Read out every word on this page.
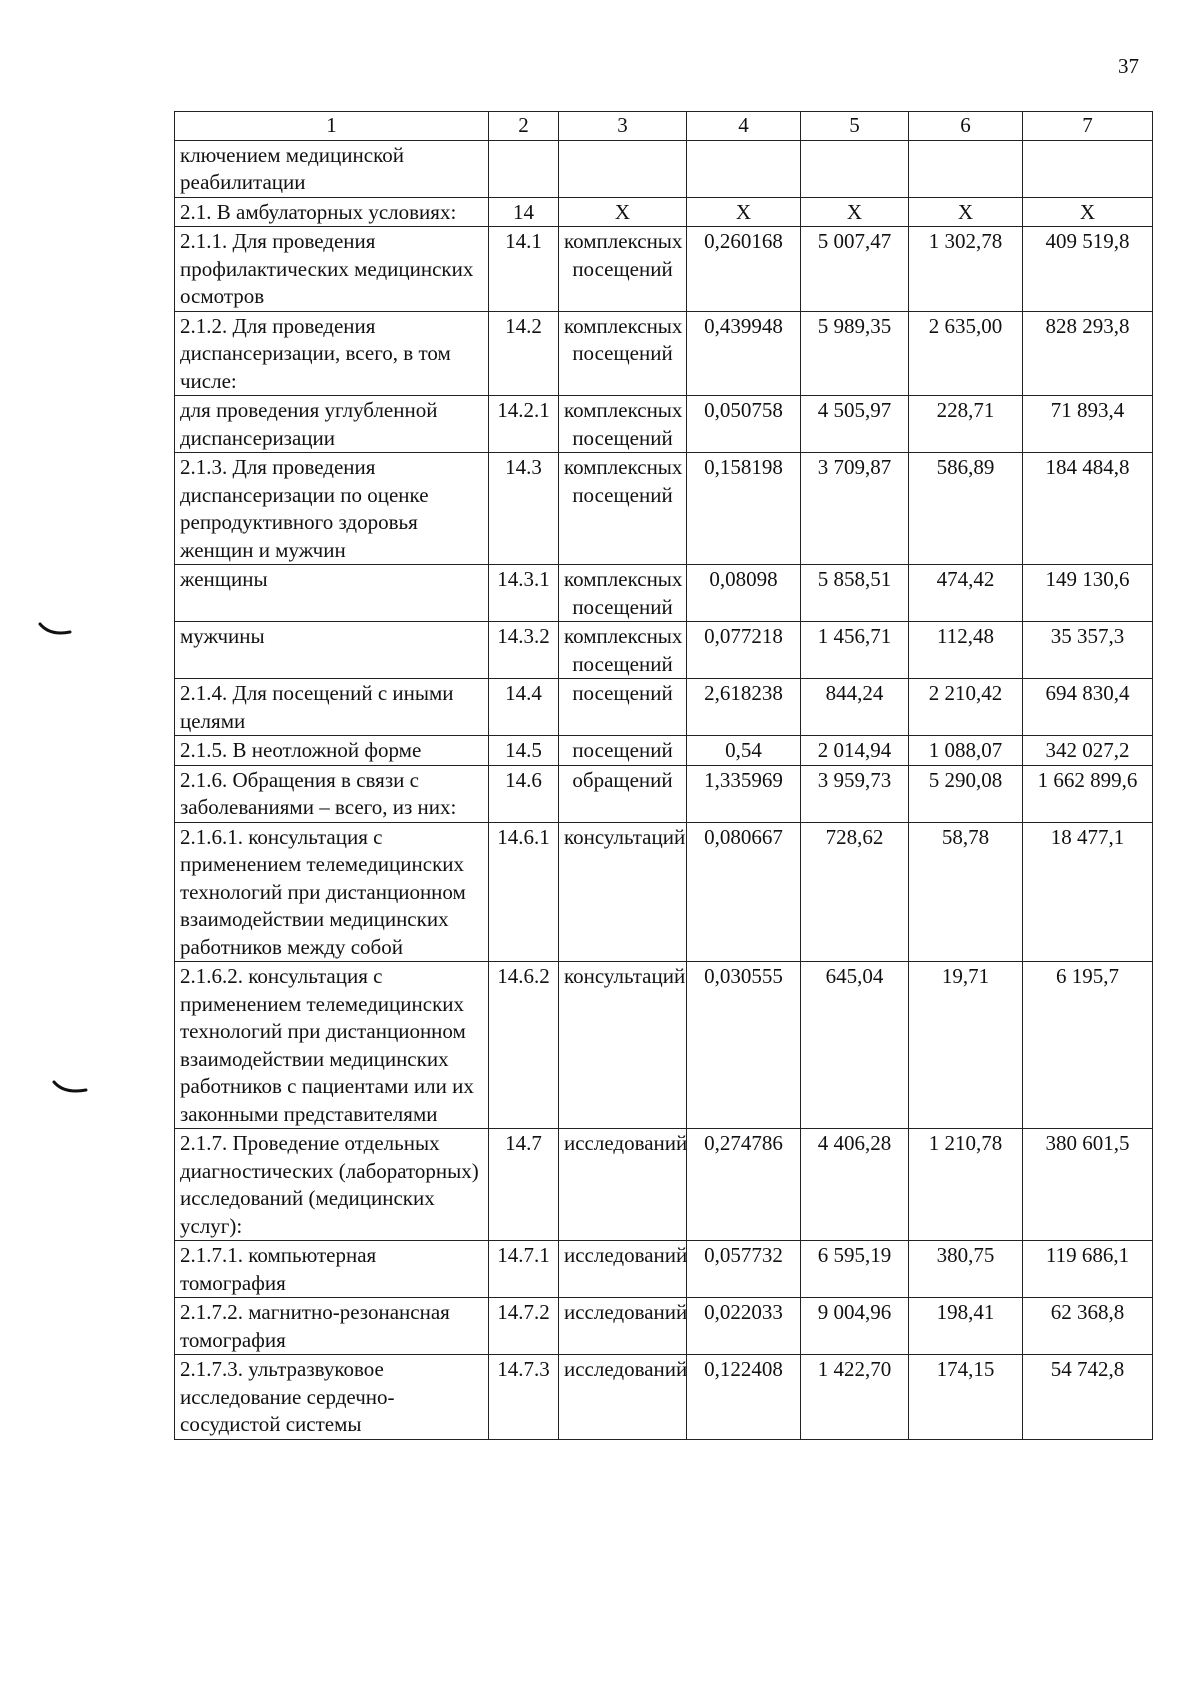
37
1	2	3	4	5	6	7
ключением медицинской реабилитации						
2.1. В амбулаторных условиях:	14	Х	Х	Х	Х	Х
2.1.1. Для проведения профилактических медицинских осмотров	14.1	комплексных посещений	0,260168	5 007,47	1 302,78	409 519,8
2.1.2. Для проведения диспансеризации, всего, в том числе:	14.2	комплексных посещений	0,439948	5 989,35	2 635,00	828 293,8
для проведения углубленной диспансеризации	14.2.1	комплексных посещений	0,050758	4 505,97	228,71	71 893,4
2.1.3. Для проведения диспансеризации по оценке репродуктивного здоровья женщин и мужчин	14.3	комплексных посещений	0,158198	3 709,87	586,89	184 484,8
женщины	14.3.1	комплексных посещений	0,08098	5 858,51	474,42	149 130,6
мужчины	14.3.2	комплексных посещений	0,077218	1 456,71	112,48	35 357,3
2.1.4. Для посещений с иными целями	14.4	посещений	2,618238	844,24	2 210,42	694 830,4
2.1.5. В неотложной форме	14.5	посещений	0,54	2 014,94	1 088,07	342 027,2
2.1.6. Обращения в связи с заболеваниями – всего, из них:	14.6	обращений	1,335969	3 959,73	5 290,08	1 662 899,6
2.1.6.1. консультация с применением телемедицинских технологий при дистанционном взаимодействии медицинских работников между собой	14.6.1	консультаций	0,080667	728,62	58,78	18 477,1
2.1.6.2. консультация с применением телемедицинских технологий при дистанционном взаимодействии медицинских работников с пациентами или их законными представителями	14.6.2	консультаций	0,030555	645,04	19,71	6 195,7
2.1.7. Проведение отдельных диагностических (лабораторных) исследований (медицинских услуг):	14.7	исследований	0,274786	4 406,28	1 210,78	380 601,5
2.1.7.1. компьютерная томография	14.7.1	исследований	0,057732	6 595,19	380,75	119 686,1
2.1.7.2. магнитно-резонансная томография	14.7.2	исследований	0,022033	9 004,96	198,41	62 368,8
2.1.7.3. ультразвуковое исследование сердечно-сосудистой системы	14.7.3	исследований	0,122408	1 422,70	174,15	54 742,8
